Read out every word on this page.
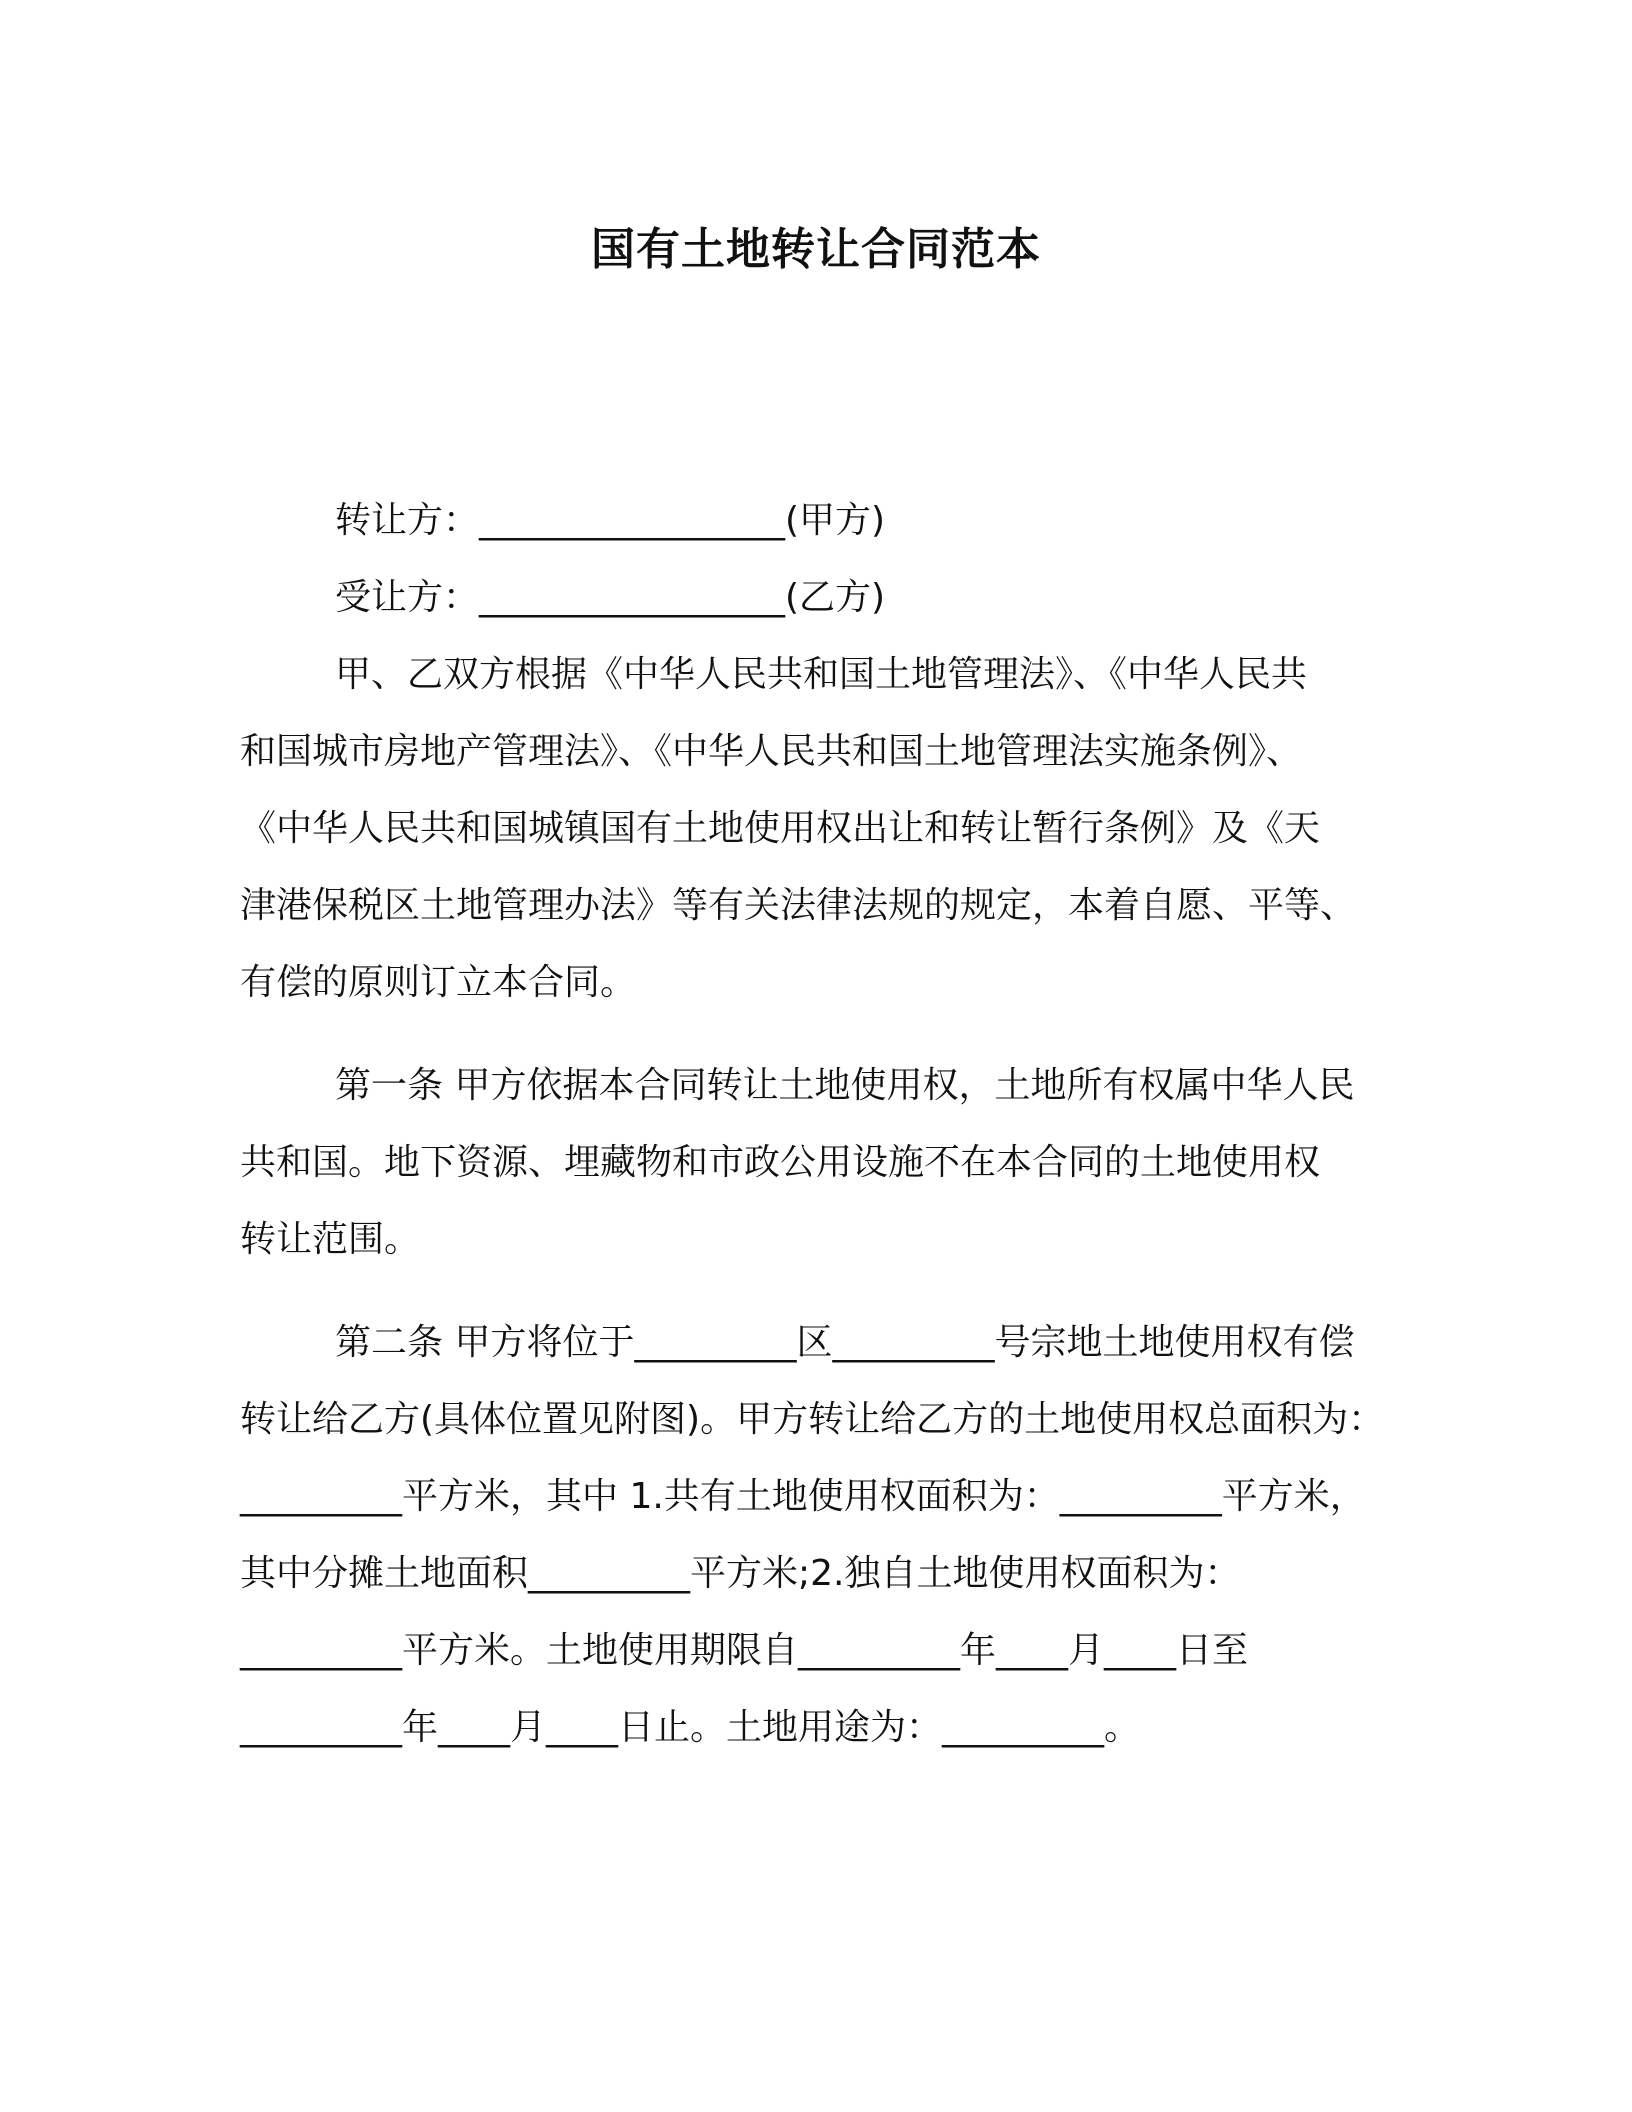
国有土地转让合同范本
转让方：_________________(甲方)
受让方：_________________(乙方)
甲、乙双方根据《中华人民共和国土地管理法》、《中华人民共
和国城市房地产管理法》、《中华人民共和国土地管理法实施条例》、
《中华人民共和国城镇国有土地使用权出让和转让暂行条例》及《天
津港保税区土地管理办法》等有关法律法规的规定，本着自愿、平等、
有偿的原则订立本合同。
第一条 甲方依据本合同转让土地使用权，土地所有权属中华人民
共和国。地下资源、埋藏物和市政公用设施不在本合同的土地使用权
转让范围。
第二条 甲方将位于_________区_________号宗地土地使用权有偿
转让给乙方(具体位置见附图)。甲方转让给乙方的土地使用权总面积为：
_________平方米，其中 1.共有土地使用权面积为：_________平方米，
其中分摊土地面积_________平方米;2.独自土地使用权面积为：
_________平方米。土地使用期限自_________年____月____日至
_________年____月____日止。土地用途为：_________。
